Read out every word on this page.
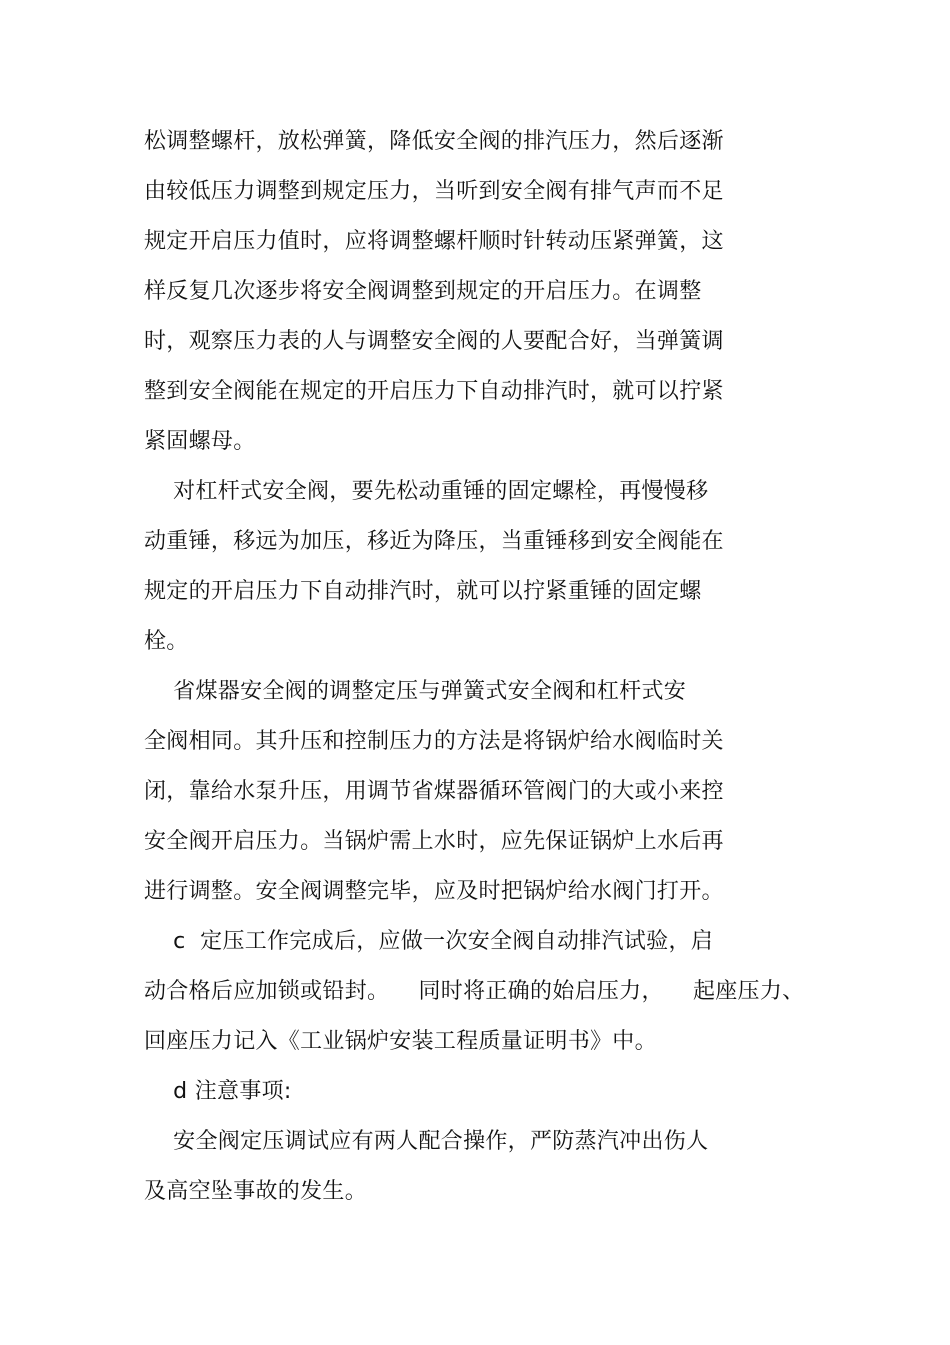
松调整螺杆，放松弹簧，降低安全阀的排汽压力，然后逐渐
由较低压力调整到规定压力，当听到安全阀有排气声而不足
规定开启压力值时，应将调整螺杆顺时针转动压紧弹簧，这
样反复几次逐步将安全阀调整到规定的开启压力。在调整
时，观察压力表的人与调整安全阀的人要配合好，当弹簧调
整到安全阀能在规定的开启压力下自动排汽时，就可以拧紧
紧固螺母。
对杠杆式安全阀，要先松动重锤的固定螺栓，再慢慢移
动重锤，移远为加压，移近为降压，当重锤移到安全阀能在
规定的开启压力下自动排汽时，就可以拧紧重锤的固定螺
栓。
省煤器安全阀的调整定压与弹簧式安全阀和杠杆式安
全阀相同。其升压和控制压力的方法是将锅炉给水阀临时关
闭，靠给水泵升压，用调节省煤器循环管阀门的大或小来控
安全阀开启压力。当锅炉需上水时，应先保证锅炉上水后再
进行调整。安全阀调整完毕，应及时把锅炉给水阀门打开。
c  定压工作完成后，应做一次安全阀自动排汽试验，启
动合格后应加锁或铅封。    同时将正确的始启压力，    起座压力、
回座压力记入《工业锅炉安装工程质量证明书》中。
d 注意事项:
安全阀定压调试应有两人配合操作，严防蒸汽冲出伤人
及高空坠事故的发生。
